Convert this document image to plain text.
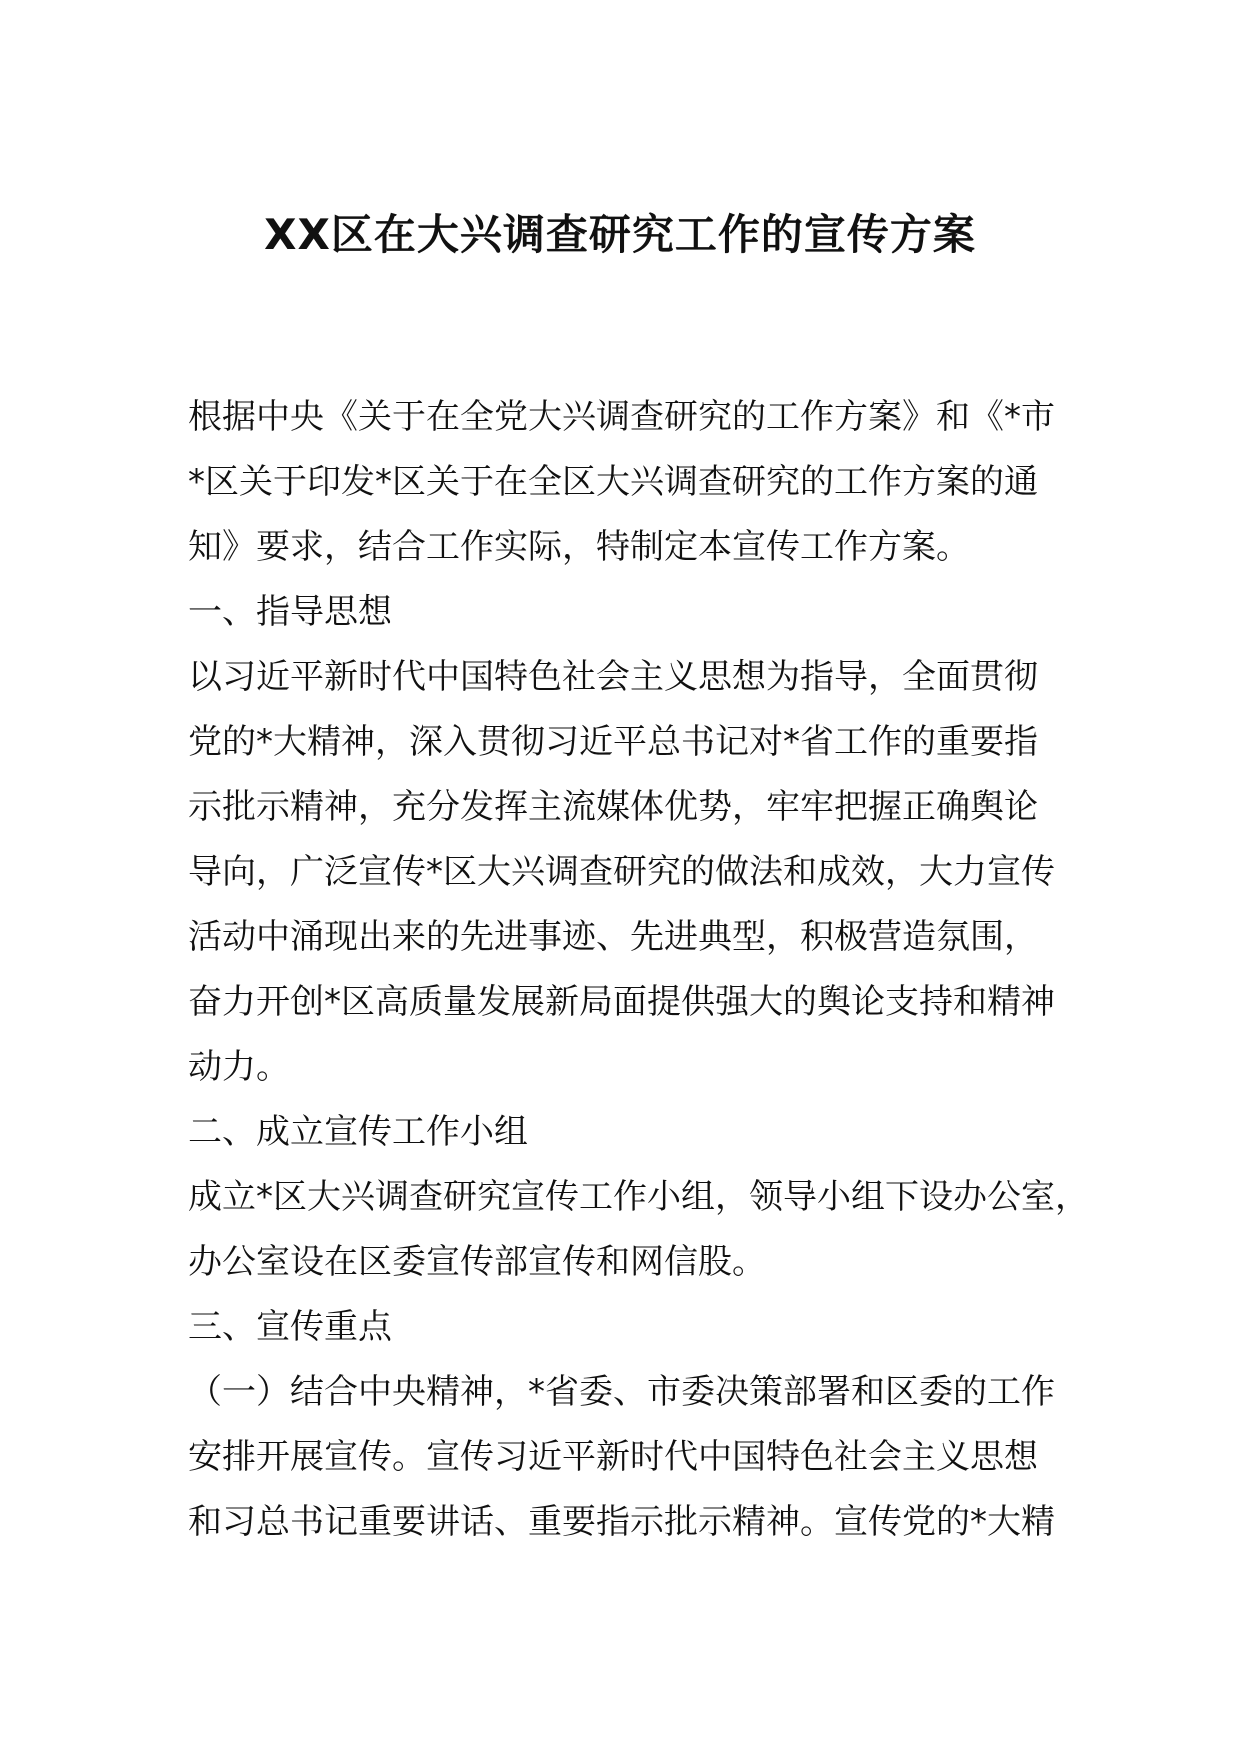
XX区在大兴调查研究工作的宣传方案
根据中央《关于在全党大兴调查研究的工作方案》和《*市
*区关于印发*区关于在全区大兴调查研究的工作方案的通
知》要求，结合工作实际，特制定本宣传工作方案。
一、指导思想
以习近平新时代中国特色社会主义思想为指导，全面贯彻
党的*大精神，深入贯彻习近平总书记对*省工作的重要指
示批示精神，充分发挥主流媒体优势，牢牢把握正确舆论
导向，广泛宣传*区大兴调查研究的做法和成效，大力宣传
活动中涌现出来的先进事迹、先进典型，积极营造氛围，
奋力开创*区高质量发展新局面提供强大的舆论支持和精神
动力。
二、成立宣传工作小组
成立*区大兴调查研究宣传工作小组，领导小组下设办公室，
办公室设在区委宣传部宣传和网信股。
三、宣传重点
（一）结合中央精神，*省委、市委决策部署和区委的工作
安排开展宣传。宣传习近平新时代中国特色社会主义思想
和习总书记重要讲话、重要指示批示精神。宣传党的*大精
